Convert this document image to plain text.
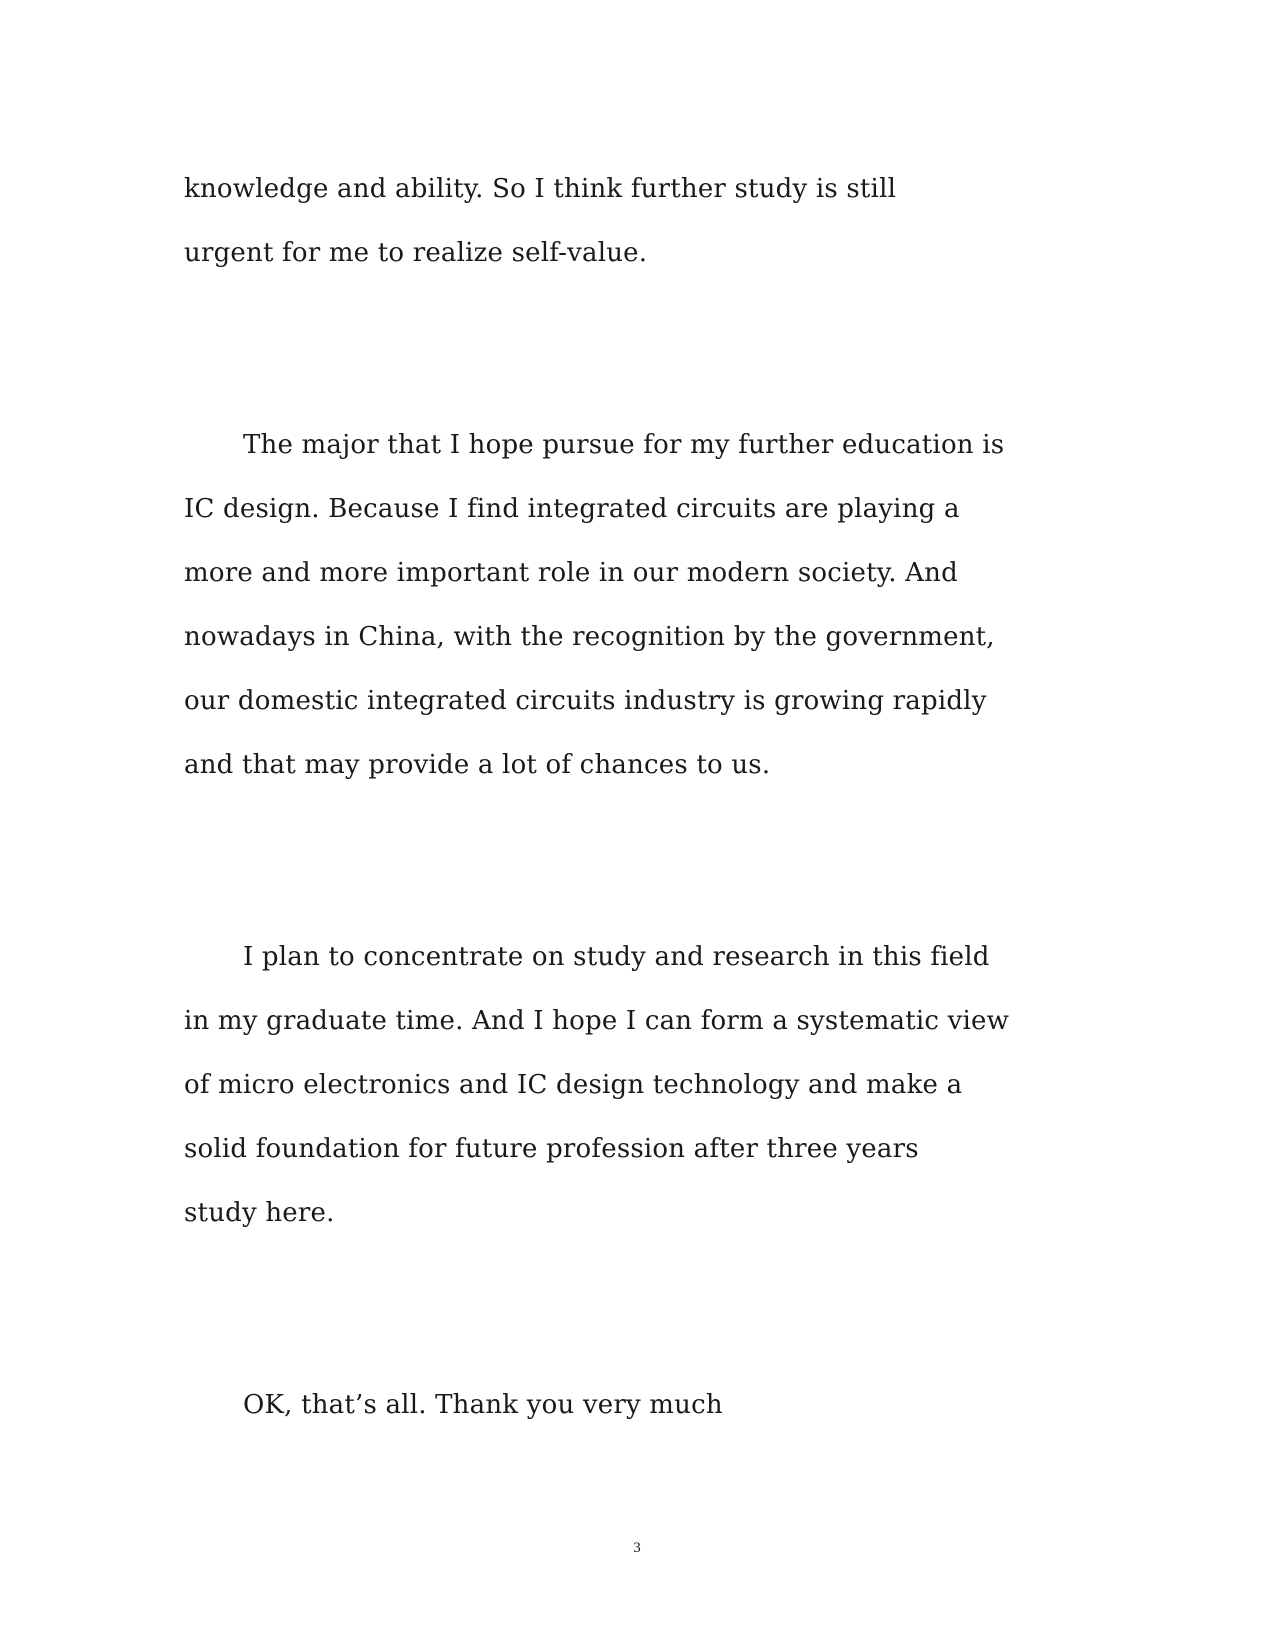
knowledge and ability. So I think further study is still

urgent for me to realize self-value.

The major that I hope pursue for my further education is

IC design. Because I find integrated circuits are playing a

more and more important role in our modern society. And

nowadays in China, with the recognition by the government,

our domestic integrated circuits industry is growing rapidly

and that may provide a lot of chances to us.

I plan to concentrate on study and research in this field

in my graduate time. And I hope I can form a systematic view

of micro electronics and IC design technology and make a

solid foundation for future profession after three years

study here.

OK, that’s all. Thank you very much

3
